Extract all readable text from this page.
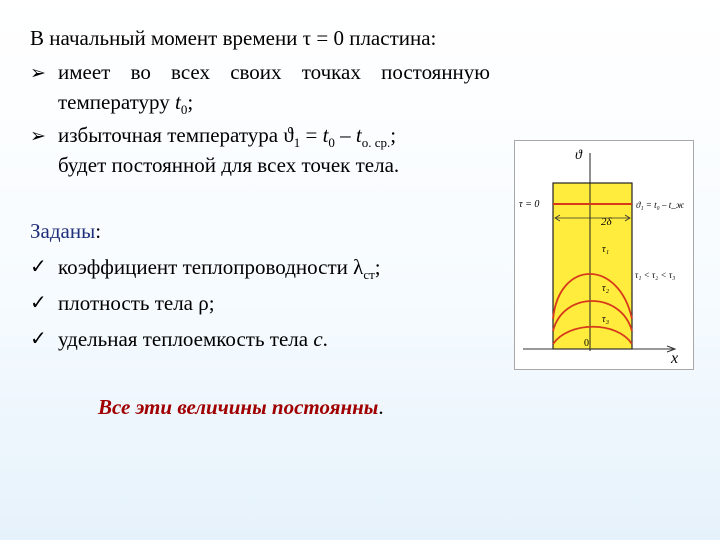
В начальный момент времени τ = 0 пластина:
➢ имеет во всех своих точках постоянную
температуру $t_0$;
➢ избыточная температура $ϑ_1 = t_0 - t_{о. ср.}$;
будет постоянной для всех точек тела.
Заданы:
✓ коэффициент теплопроводности $\lambda_{ст}$;
✓ плотность тела ρ;
✓ удельная теплоемкость тела c.
Все эти величины постоянны.
ϑ
x
τ = 0
2δ
0
ϑ₁ = t₀ – t_ж
τ₁
τ₂
τ₃
τ₁ < τ₂ < τ₃
